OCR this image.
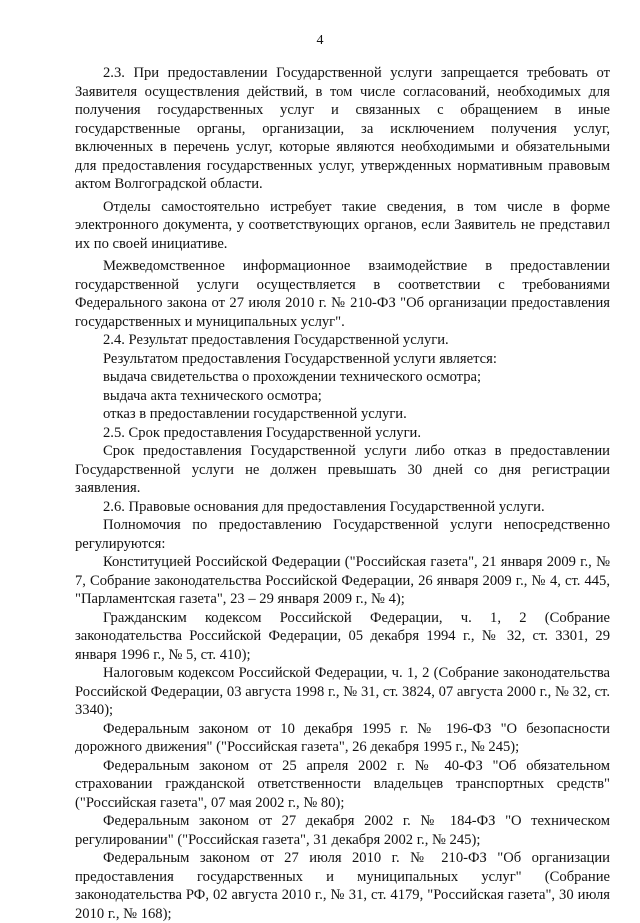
4

2.3. При предоставлении Государственной услуги запрещается требовать от Заявителя осуществления действий, в том числе согласований, необходимых для получения государственных услуг и связанных с обращением в иные государственные органы, организации, за исключением получения услуг, включенных в перечень услуг, которые являются необходимыми и обязательными для предоставления государственных услуг, утвержденных нормативным правовым актом Волгоградской области.

Отделы самостоятельно истребует такие сведения, в том числе в форме электронного документа, у соответствующих органов, если Заявитель не представил их по своей инициативе.

Межведомственное информационное взаимодействие в предоставлении государственной услуги осуществляется в соответствии с требованиями Федерального закона от 27 июля 2010 г. № 210-ФЗ "Об организации предоставления государственных и муниципальных услуг".

2.4. Результат предоставления Государственной услуги.

Результатом предоставления Государственной услуги является:

выдача свидетельства о прохождении технического осмотра;

выдача акта технического осмотра;

отказ в предоставлении государственной услуги.

2.5. Срок предоставления Государственной услуги.

Срок предоставления Государственной услуги либо отказ в предоставлении Государственной услуги не должен превышать 30 дней со дня регистрации заявления.

2.6. Правовые основания для предоставления Государственной услуги.

Полномочия по предоставлению Государственной услуги непосредственно регулируются:

Конституцией Российской Федерации ("Российская газета", 21 января 2009 г., № 7, Собрание законодательства Российской Федерации, 26 января 2009 г., № 4, ст. 445, "Парламентская газета", 23 – 29 января 2009 г., № 4);

Гражданским кодексом Российской Федерации, ч. 1, 2 (Собрание законодательства Российской Федерации, 05 декабря 1994 г., № 32, ст. 3301, 29 января 1996 г., № 5, ст. 410);

Налоговым кодексом Российской Федерации, ч. 1, 2 (Собрание законодательства Российской Федерации, 03 августа 1998 г., № 31, ст. 3824, 07 августа 2000 г., № 32, ст. 3340);

Федеральным законом от 10 декабря 1995 г. № 196-ФЗ "О безопасности дорожного движения" ("Российская газета", 26 декабря 1995 г., № 245);

Федеральным законом от 25 апреля 2002 г. № 40-ФЗ "Об обязательном страховании гражданской ответственности владельцев транспортных средств" ("Российская газета", 07 мая 2002 г., № 80);

Федеральным законом от 27 декабря 2002 г. № 184-ФЗ "О техническом регулировании" ("Российская газета", 31 декабря 2002 г., № 245);

Федеральным законом от 27 июля 2010 г. № 210-ФЗ "Об организации предоставления государственных и муниципальных услуг" (Собрание законодательства РФ, 02 августа 2010 г., № 31, ст. 4179, "Российская газета", 30 июля 2010 г., № 168);
